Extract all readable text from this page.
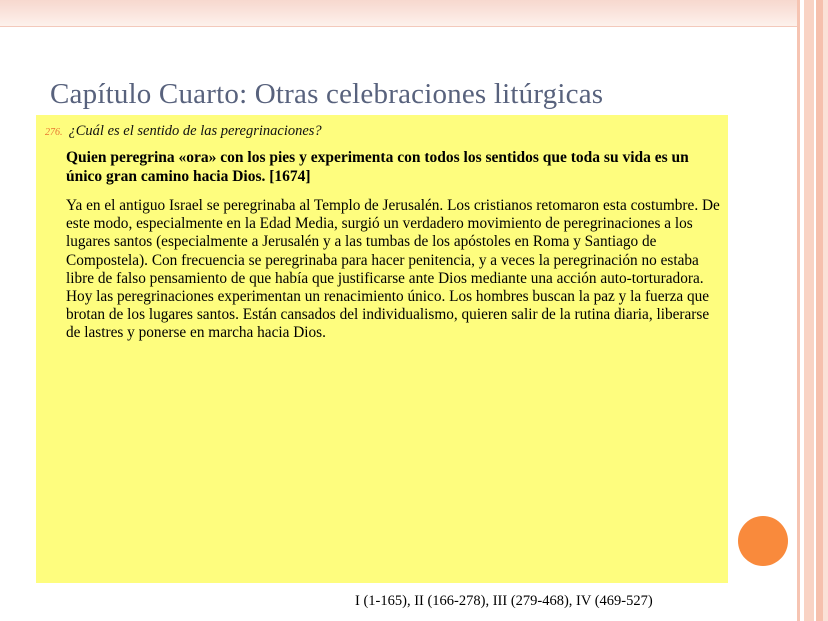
Capítulo Cuarto: Otras celebraciones litúrgicas
276. ¿Cuál es el sentido de las peregrinaciones?

Quien peregrina «ora» con los pies y experimenta con todos los sentidos que toda su vida es un único gran camino hacia Dios. [1674]

Ya en el antiguo Israel se peregrinaba al Templo de Jerusalén. Los cristianos retomaron esta costumbre. De este modo, especialmente en la Edad Media, surgió un verdadero movimiento de peregrinaciones a los lugares santos (especialmente a Jerusalén y a las tumbas de los apóstoles en Roma y Santiago de Compostela). Con frecuencia se peregrinaba para hacer penitencia, y a veces la peregrinación no estaba libre de falso pensamiento de que había que justificarse ante Dios mediante una acción auto-torturadora. Hoy las peregrinaciones experimentan un renacimiento único. Los hombres buscan la paz y la fuerza que brotan de los lugares santos. Están cansados del individualismo, quieren salir de la rutina diaria, liberarse de lastres y ponerse en marcha hacia Dios.

I (1-165), II (166-278), III (279-468), IV (469-527)
